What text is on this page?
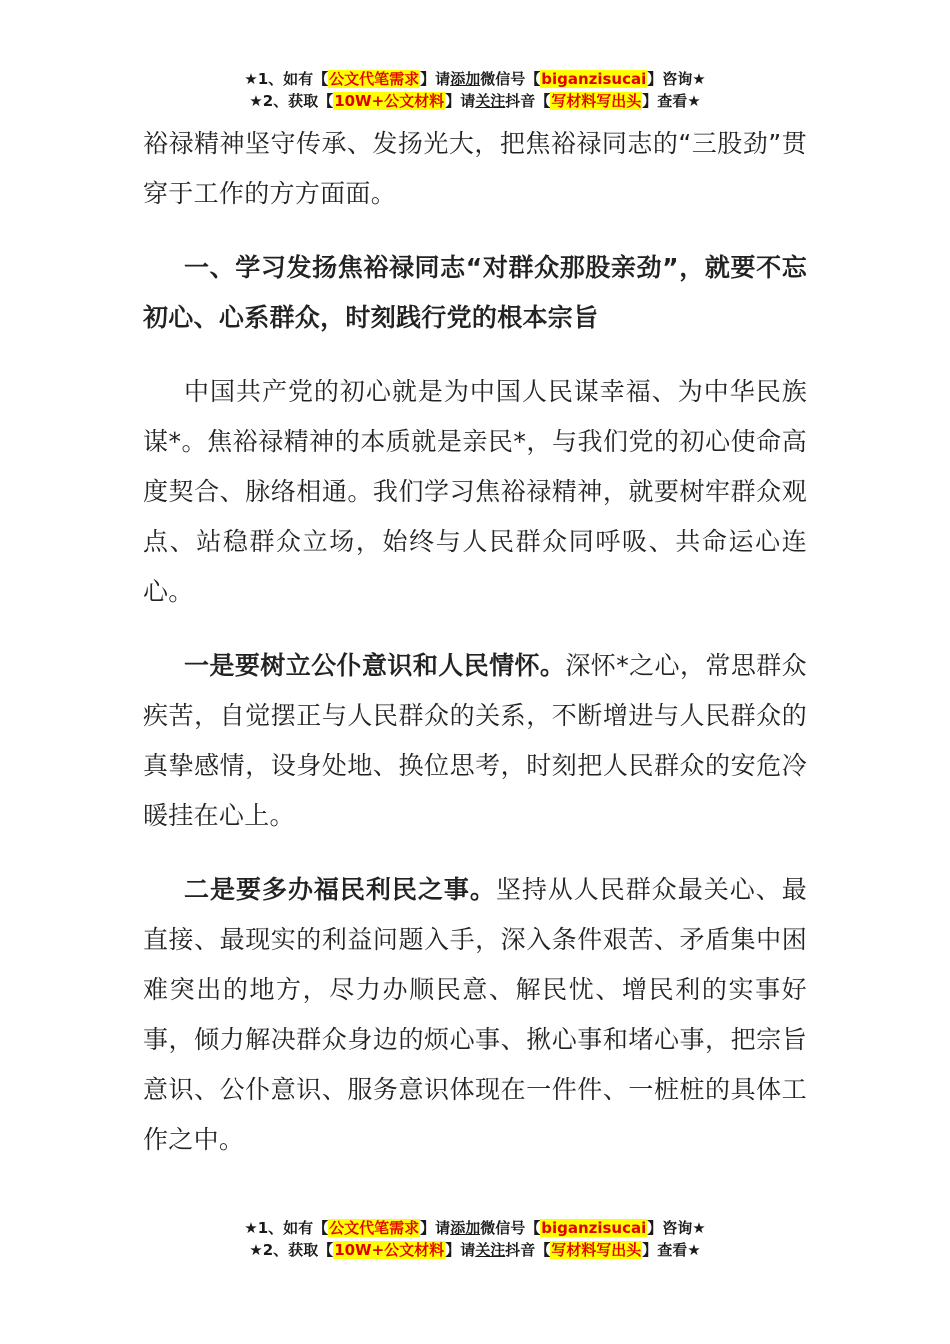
★1、如有【公文代笔需求】请添加微信号【biganzisucai】咨询★
★2、获取【10W+公文材料】请关注抖音【写材料写出头】查看★

裕禄精神坚守传承、发扬光大，把焦裕禄同志的“三股劲”贯穿于工作的方方面面。

一、学习发扬焦裕禄同志“对群众那股亲劲”，就要不忘初心、心系群众，时刻践行党的根本宗旨

中国共产党的初心就是为中国人民谋幸福、为中华民族谋*。焦裕禄精神的本质就是亲民*，与我们党的初心使命高度契合、脉络相通。我们学习焦裕禄精神，就要树牢群众观点、站稳群众立场，始终与人民群众同呼吸、共命运心连心。

一是要树立公仆意识和人民情怀。深怀*之心，常思群众疾苦，自觉摆正与人民群众的关系，不断增进与人民群众的真挚感情，设身处地、换位思考，时刻把人民群众的安危冷暖挂在心上。

二是要多办福民利民之事。坚持从人民群众最关心、最直接、最现实的利益问题入手，深入条件艰苦、矛盾集中困难突出的地方，尽力办顺民意、解民忧、增民利的实事好事，倾力解决群众身边的烦心事、揪心事和堵心事，把宗旨意识、公仆意识、服务意识体现在一件件、一桩桩的具体工作之中。

★1、如有【公文代笔需求】请添加微信号【biganzisucai】咨询★
★2、获取【10W+公文材料】请关注抖音【写材料写出头】查看★
